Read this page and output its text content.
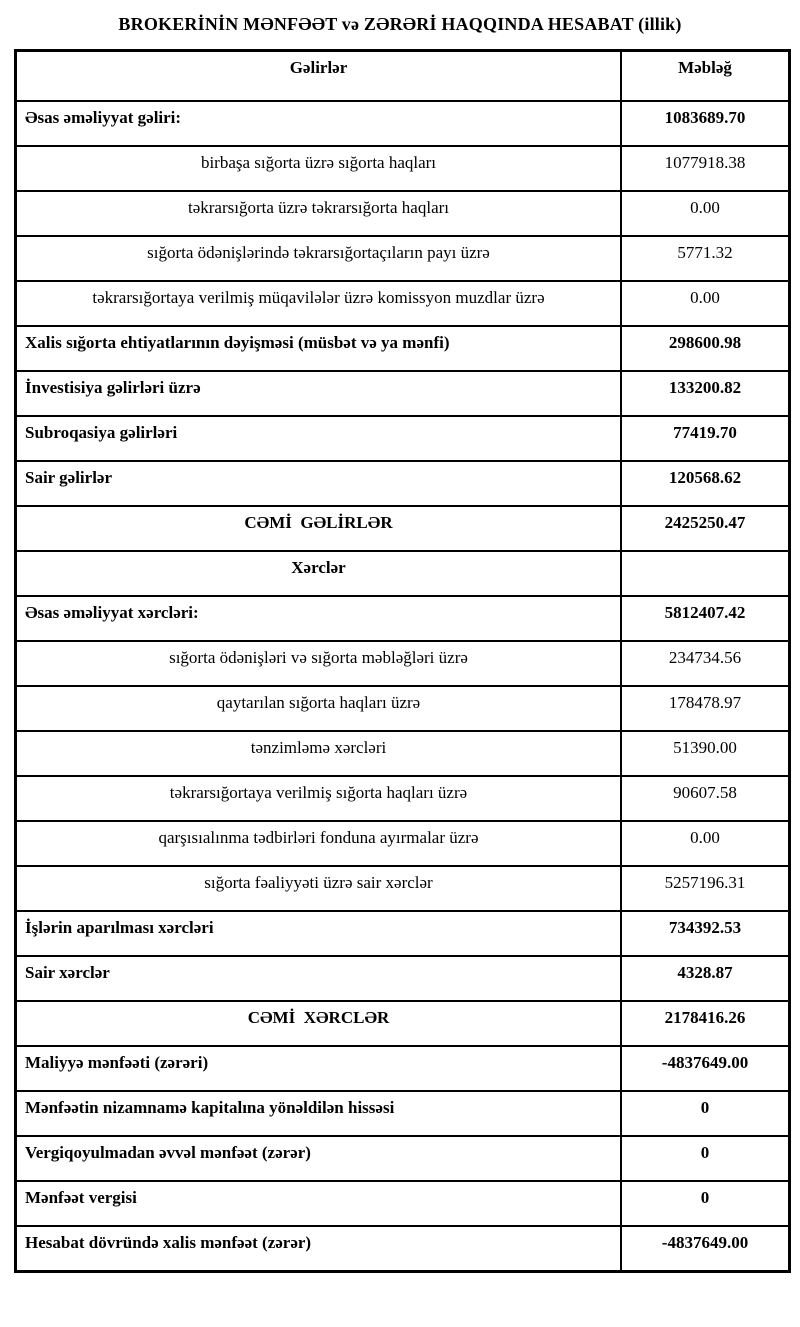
BROKERİNİN MƏNFƏƏT və ZƏRƏRİ HAQQINDA HESABAT (illik)
Gəlirlər	Məbləğ
Əsas əməliyyat gəliri:	1083689.70
birbaşa sığorta üzrə sığorta haqları	1077918.38
təkrarsığorta üzrə təkrarsığorta haqları	0.00
sığorta ödənişlərində təkrarsığortaçıların payı üzrə	5771.32
təkrarsığortaya verilmiş müqavilələr üzrə komissyon muzdlar üzrə	0.00
Xalis sığorta ehtiyatlarının dəyişməsi (müsbət və ya mənfi)	298600.98
İnvestisiya gəlirləri üzrə	133200.82
Subroqasiya gəlirləri	77419.70
Sair gəlirlər	120568.62
CƏMİ  GƏLİRLƏR	2425250.47
Xərclər
Əsas əməliyyat xərcləri:	5812407.42
sığorta ödənişləri və sığorta məbləğləri üzrə	234734.56
qaytarılan sığorta haqları üzrə	178478.97
tənzimləmə xərcləri	51390.00
təkrarsığortaya verilmiş sığorta haqları üzrə	90607.58
qarşısıalınma tədbirləri fonduna ayırmalar üzrə	0.00
sığorta fəaliyyəti üzrə sair xərclər	5257196.31
İşlərin aparılması xərcləri	734392.53
Sair xərclər	4328.87
CƏMİ  XƏRCLƏR	2178416.26
Maliyyə mənfəəti (zərəri)	-4837649.00
Mənfəətin nizamnamə kapitalına yönəldilən hissəsi	0
Vergiqoyulmadan əvvəl mənfəət (zərər)	0
Mənfəət vergisi	0
Hesabat dövründə xalis mənfəət (zərər)	-4837649.00
